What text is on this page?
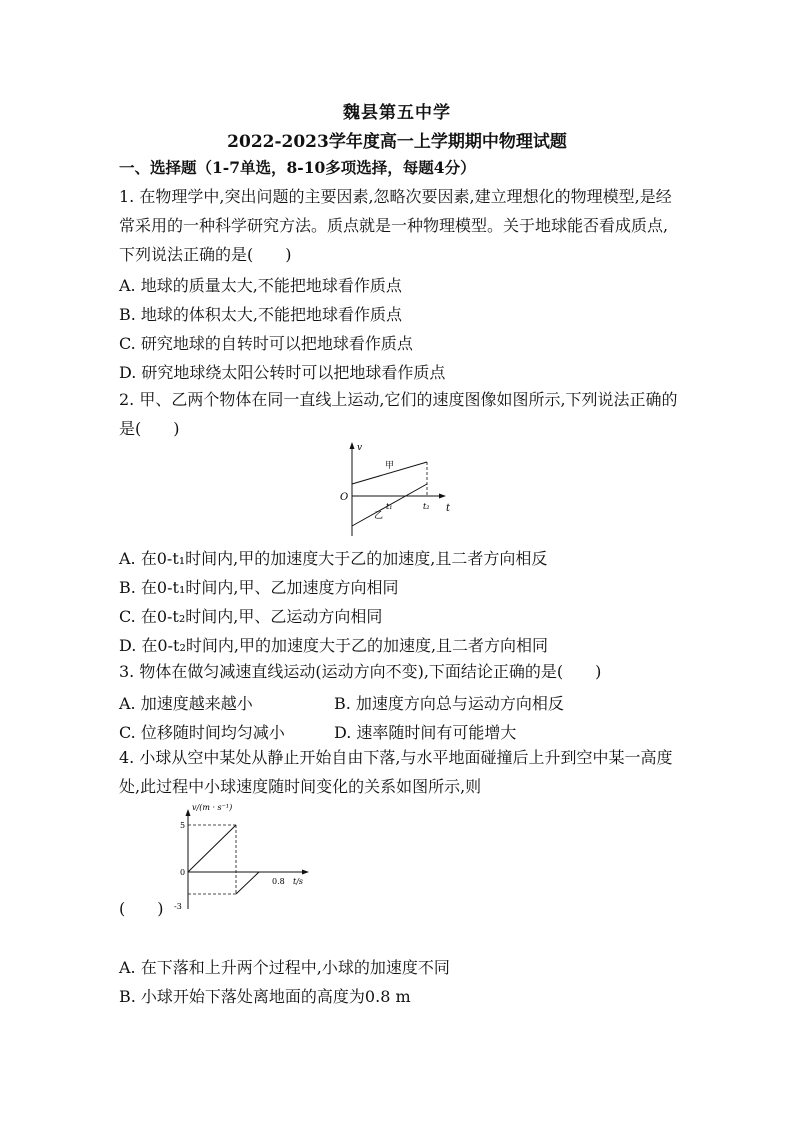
魏县第五中学
2022-2023学年度高一上学期期中物理试题
一、选择题（1-7单选，8-10多项选择，每题4分）
1. 在物理学中,突出问题的主要因素,忽略次要因素,建立理想化的物理模型,是经常采用的一种科学研究方法。质点就是一种物理模型。关于地球能否看成质点,下列说法正确的是(　　)
A. 地球的质量太大,不能把地球看作质点
B. 地球的体积太大,不能把地球看作质点
C. 研究地球的自转时可以把地球看作质点
D. 研究地球绕太阳公转时可以把地球看作质点
2. 甲、乙两个物体在同一直线上运动,它们的速度图像如图所示,下列说法正确的是(　　)
v
O
t
甲
乙
t₁	t₂
A. 在0-t₁时间内,甲的加速度大于乙的加速度,且二者方向相反
B. 在0-t₁时间内,甲、乙加速度方向相同
C. 在0-t₂时间内,甲、乙运动方向相同
D. 在0-t₂时间内,甲的加速度大于乙的加速度,且二者方向相同
3. 物体在做匀减速直线运动(运动方向不变),下面结论正确的是(　　)
A. 加速度越来越小	B. 加速度方向总与运动方向相反
C. 位移随时间均匀减小	D. 速率随时间有可能增大
4. 小球从空中某处从静止开始自由下落,与水平地面碰撞后上升到空中某一高度处,此过程中小球速度随时间变化的关系如图所示,则
v/(m · s⁻¹)
5
0
-3
0.8 t/s
(　　)
A. 在下落和上升两个过程中,小球的加速度不同
B. 小球开始下落处离地面的高度为0.8 m
